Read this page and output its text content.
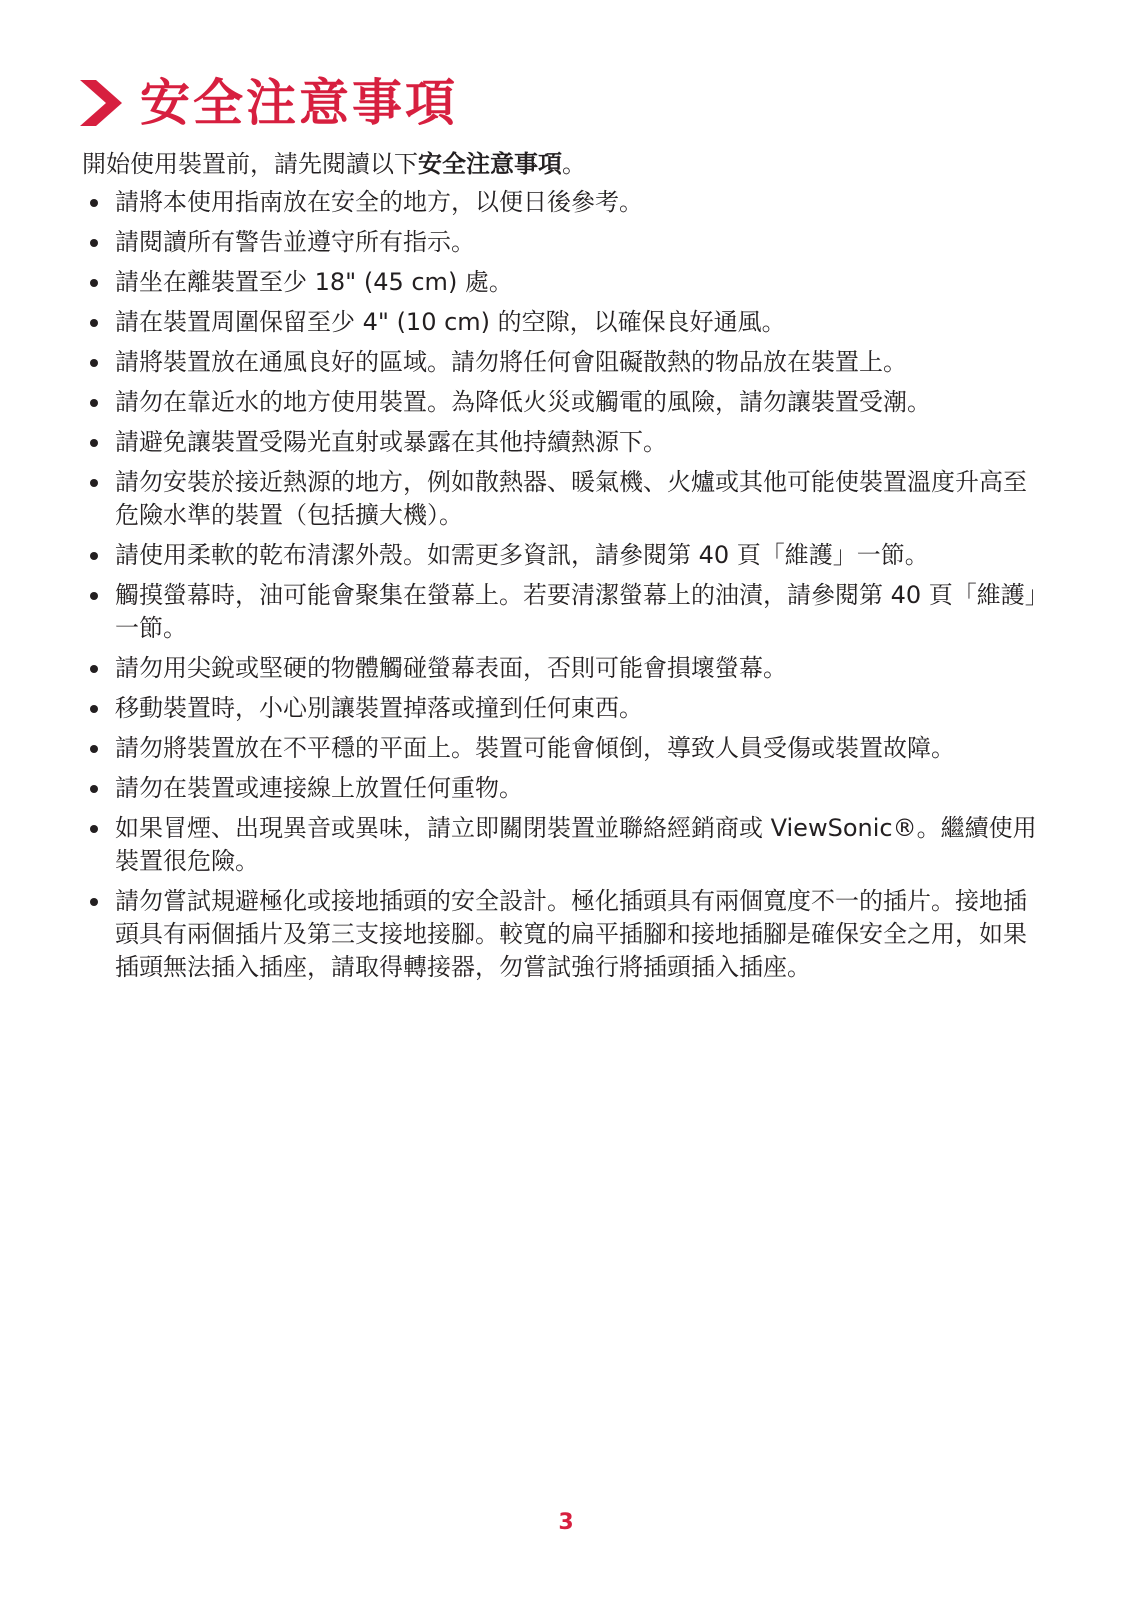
安全注意事項
開始使用裝置前，請先閱讀以下安全注意事項。
請將本使用指南放在安全的地方，以便日後參考。
請閱讀所有警告並遵守所有指示。
請坐在離裝置至少 18" (45 cm) 處。
請在裝置周圍保留至少 4" (10 cm) 的空隙，以確保良好通風。
請將裝置放在通風良好的區域。請勿將任何會阻礙散熱的物品放在裝置上。
請勿在靠近水的地方使用裝置。為降低火災或觸電的風險，請勿讓裝置受潮。
請避免讓裝置受陽光直射或暴露在其他持續熱源下。
請勿安裝於接近熱源的地方，例如散熱器、暖氣機、火爐或其他可能使裝置溫度升高至危險水準的裝置（包括擴大機）。
請使用柔軟的乾布清潔外殼。如需更多資訊，請參閱第 40 頁「維護」一節。
觸摸螢幕時，油可能會聚集在螢幕上。若要清潔螢幕上的油漬，請參閱第 40 頁「維護」一節。
請勿用尖銳或堅硬的物體觸碰螢幕表面，否則可能會損壞螢幕。
移動裝置時，小心別讓裝置掉落或撞到任何東西。
請勿將裝置放在不平穩的平面上。裝置可能會傾倒，導致人員受傷或裝置故障。
請勿在裝置或連接線上放置任何重物。
如果冒煙、出現異音或異味，請立即關閉裝置並聯絡經銷商或 ViewSonic®。繼續使用裝置很危險。
請勿嘗試規避極化或接地插頭的安全設計。極化插頭具有兩個寬度不一的插片。接地插頭具有兩個插片及第三支接地接腳。較寬的扁平插腳和接地插腳是確保安全之用，如果插頭無法插入插座，請取得轉接器，勿嘗試強行將插頭插入插座。
3
